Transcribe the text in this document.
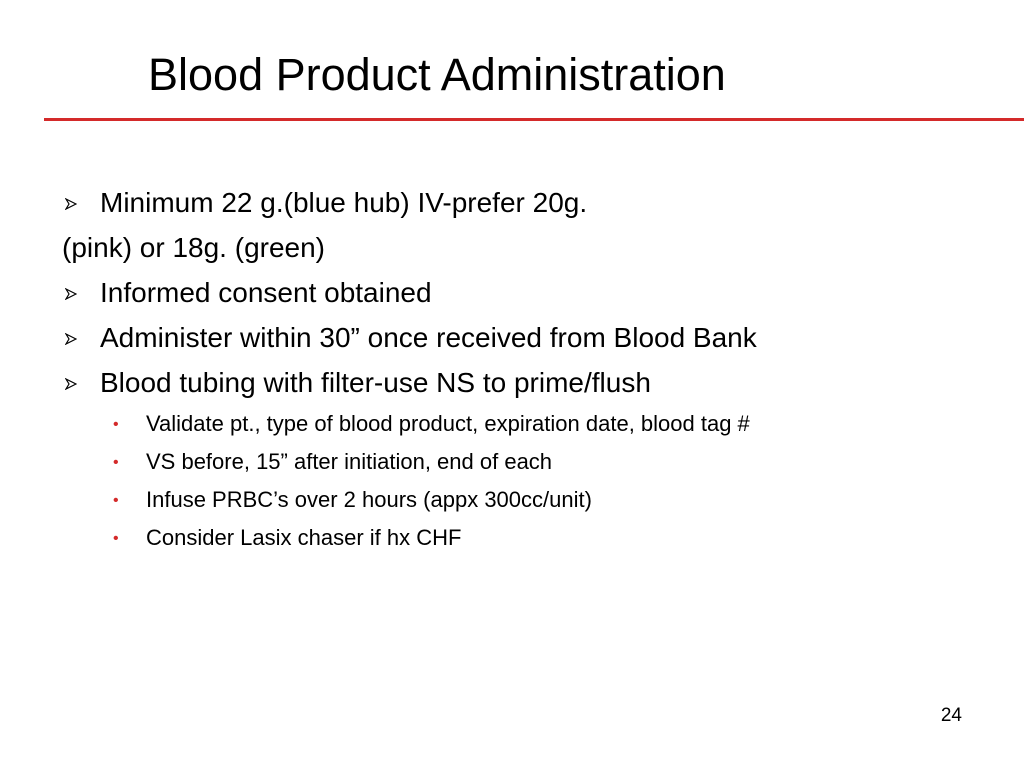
Blood Product Administration
Minimum 22 g.(blue hub) IV-prefer 20g.
(pink) or 18g. (green)
Informed consent obtained
Administer within 30” once received from Blood Bank
Blood tubing with filter-use NS to prime/flush
• Validate pt., type of blood product, expiration date, blood tag #
• VS before, 15” after initiation, end of each
• Infuse PRBC’s over 2 hours (appx 300cc/unit)
• Consider Lasix chaser if hx CHF
24
